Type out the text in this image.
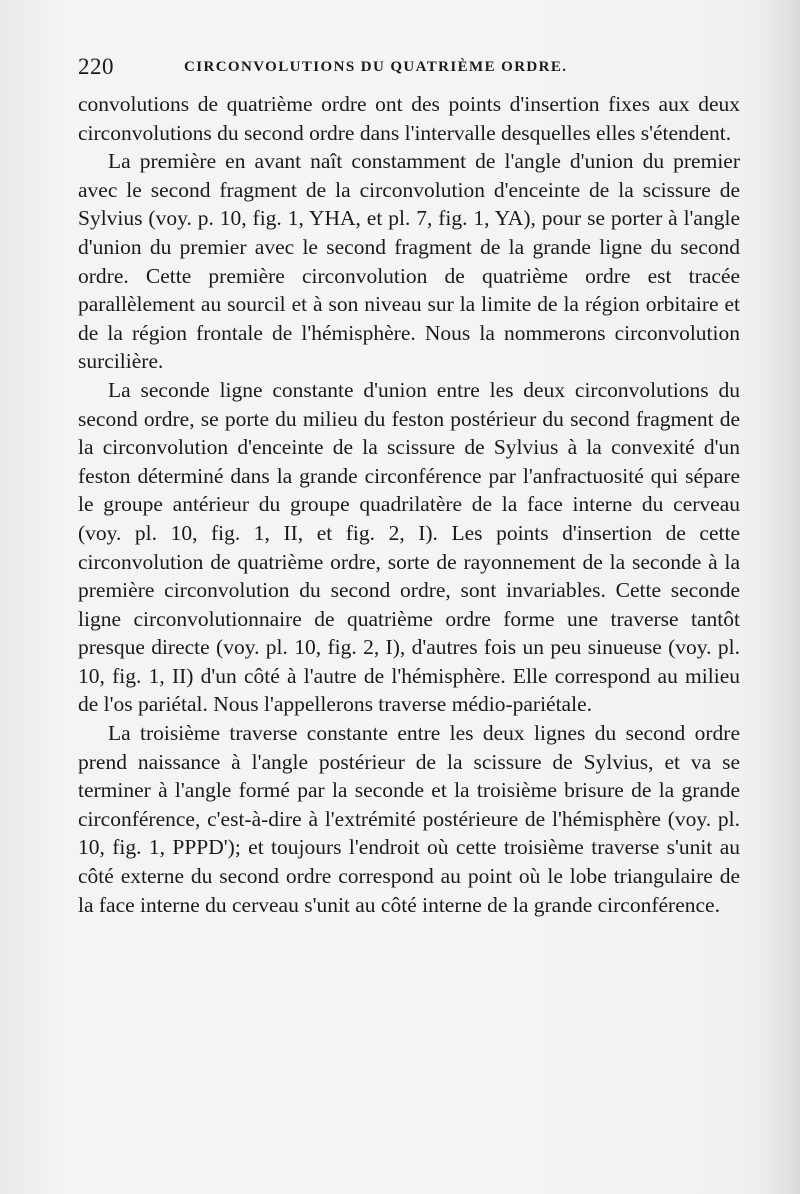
220	CIRCONVOLUTIONS DU QUATRIÈME ORDRE.

convolutions de quatrième ordre ont des points d'insertion fixes aux deux circonvolutions du second ordre dans l'intervalle desquelles elles s'étendent.

La première en avant naît constamment de l'angle d'union du premier avec le second fragment de la circonvolution d'enceinte de la scissure de Sylvius (voy. p. 10, fig. 1, YHA, et pl. 7, fig. 1, YA), pour se porter à l'angle d'union du premier avec le second fragment de la grande ligne du second ordre. Cette première circonvolution de quatrième ordre est tracée parallèlement au sourcil et à son niveau sur la limite de la région orbitaire et de la région frontale de l'hémisphère. Nous la nommerons circonvolution surcilière.

La seconde ligne constante d'union entre les deux circonvolutions du second ordre, se porte du milieu du feston postérieur du second fragment de la circonvolution d'enceinte de la scissure de Sylvius à la convexité d'un feston déterminé dans la grande circonférence par l'anfractuosité qui sépare le groupe antérieur du groupe quadrilatère de la face interne du cerveau (voy. pl. 10, fig. 1, II, et fig. 2, I). Les points d'insertion de cette circonvolution de quatrième ordre, sorte de rayonnement de la seconde à la première circonvolution du second ordre, sont invariables. Cette seconde ligne circonvolutionnaire de quatrième ordre forme une traverse tantôt presque directe (voy. pl. 10, fig. 2, I), d'autres fois un peu sinueuse (voy. pl. 10, fig. 1, II) d'un côté à l'autre de l'hémisphère. Elle correspond au milieu de l'os pariétal. Nous l'appellerons traverse médio-pariétale.

La troisième traverse constante entre les deux lignes du second ordre prend naissance à l'angle postérieur de la scissure de Sylvius, et va se terminer à l'angle formé par la seconde et la troisième brisure de la grande circonférence, c'est-à-dire à l'extrémité postérieure de l'hémisphère (voy. pl. 10, fig. 1, PPPD'); et toujours l'endroit où cette troisième traverse s'unit au côté externe du second ordre correspond au point où le lobe triangulaire de la face interne du cerveau s'unit au côté interne de la grande circonférence.
